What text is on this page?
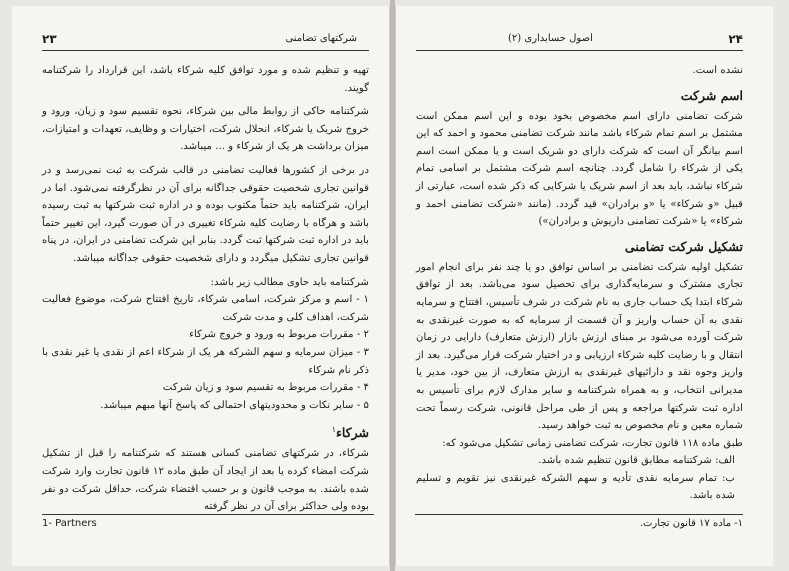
۲۳	شرکتهای تضامنی

تهیه و تنظیم شده و مورد توافق کلیه شرکاء باشد، این قرارداد را شرکتنامه گویند.

شرکتنامه حاکی از روابط مالی بین شرکاء، نحوه تقسیم سود و زیان، ورود و خروج شریک یا شرکاء، انحلال شرکت، اختیارات و وظایف، تعهدات و امتیازات، میزان برداشت هر یک از شرکاء و ... میباشد.

در برخی از کشورها فعالیت تضامنی در قالب شرکت به ثبت نمی‌رسد و در قوانین تجاری شخصیت حقوقی جداگانه برای آن در نظرگرفته نمی‌شود. اما در ایران، شرکتنامه باید حتماً مکتوب بوده و در اداره ثبت شرکتها به ثبت رسیده باشد و هرگاه با رضایت کلیه شرکاء تغییری در آن صورت گیرد، این تغییر حتماً باید در اداره ثبت شرکتها ثبت گردد. بنابر این شرکت تضامنی در ایران، در پناه قوانین تجاری تشکیل میگردد و دارای شخصیت حقوقی جداگانه میباشد.

شرکتنامه باید حاوی مطالب زیر باشد:

۱ - اسم و مرکز شرکت، اسامی شرکاء، تاریخ افتتاح شرکت، موضوع فعالیت شرکت، اهداف کلی و مدت شرکت

۲ - مقررات مربوط به ورود و خروج شرکاء

۳ - میزان سرمایه و سهم الشرکه هر یک از شرکاء اعم از نقدی یا غیر نقدی با ذکر نام شرکاء

۴ - مقررات مربوط به تقسیم سود و زیان شرکت

۵ - سایر نکات و محدودیتهای احتمالی که پاسخ آنها مبهم میباشد.

شرکاء$^۱$

شرکاء، در شرکتهای تضامنی کسانی هستند که شرکتنامه را قبل از تشکیل شرکت امضاء کرده یا بعد از ایجاد آن طبق ماده ۱۲ قانون تجارت وارد شرکت شده باشند. به موجب قانون و بر حسب اقتضاء شرکت، حداقل شرکت دو نفر بوده ولی حداکثر برای آن در نظر گرفته

1- Partners
اصول حسابداری (۲)	۲۴

نشده است.

اسم شرکت

شرکت تضامنی دارای اسم مخصوص بخود بوده و این اسم ممکن است مشتمل بر اسم تمام شرکاء باشد مانند شرکت تضامنی محمود و احمد که این اسم بیانگر آن است که شرکت دارای دو شریک است و یا ممکن است اسم یکی از شرکاء را شامل گردد. چنانچه اسم شرکت مشتمل بر اسامی تمام شرکاء نباشد، باید بعد از اسم شریک یا شرکایی که ذکر شده است، عبارتی از قبیل «و شرکاء» یا «و برادران» قید گردد. (مانند «شرکت تضامنی احمد و شرکاء» یا «شرکت تضامنی داریوش و برادران»)

تشکیل شرکت تضامنی

تشکیل اولیه شرکت تضامنی بر اساس توافق دو یا چند نفر برای انجام امور تجاری مشترک و سرمایه‌گذاری برای تحصیل سود می‌باشد. بعد از توافق شرکاء ابتدا یک حساب جاری به نام شرکت در شرف تأسیس، افتتاح و سرمایه نقدی به آن حساب واریز و آن قسمت از سرمایه که به صورت غیرنقدی به شرکت آورده می‌شود بر مبنای ارزش بازار (ارزش متعارف) دارایی در زمان انتقال و با رضایت کلیه شرکاء ارزیابی و در اختیار شرکت قرار می‌گیرد. بعد از واریز وجوه نقد و دارائیهای غیرنقدی به ارزش متعارف، از بین خود، مدیر یا مدیرانی انتخاب، و به همراه شرکتنامه و سایر مدارک لازم برای تأسیس به اداره ثبت شرکتها مراجعه و پس از طی مراحل قانونی، شرکت رسماً تحت شماره معین و نام مخصوص به ثبت خواهد رسید.

طبق ماده ۱۱۸ قانون تجارت، شرکت تضامنی زمانی تشکیل می‌شود که:

الف: شرکتنامه مطابق قانون تنظیم شده باشد.

ب: تمام سرمایه نقدی تأدیه و سهم الشرکه غیرنقدی نیز تقویم و تسلیم شده باشد.

۱- ماده ۱۷ قانون تجارت.
